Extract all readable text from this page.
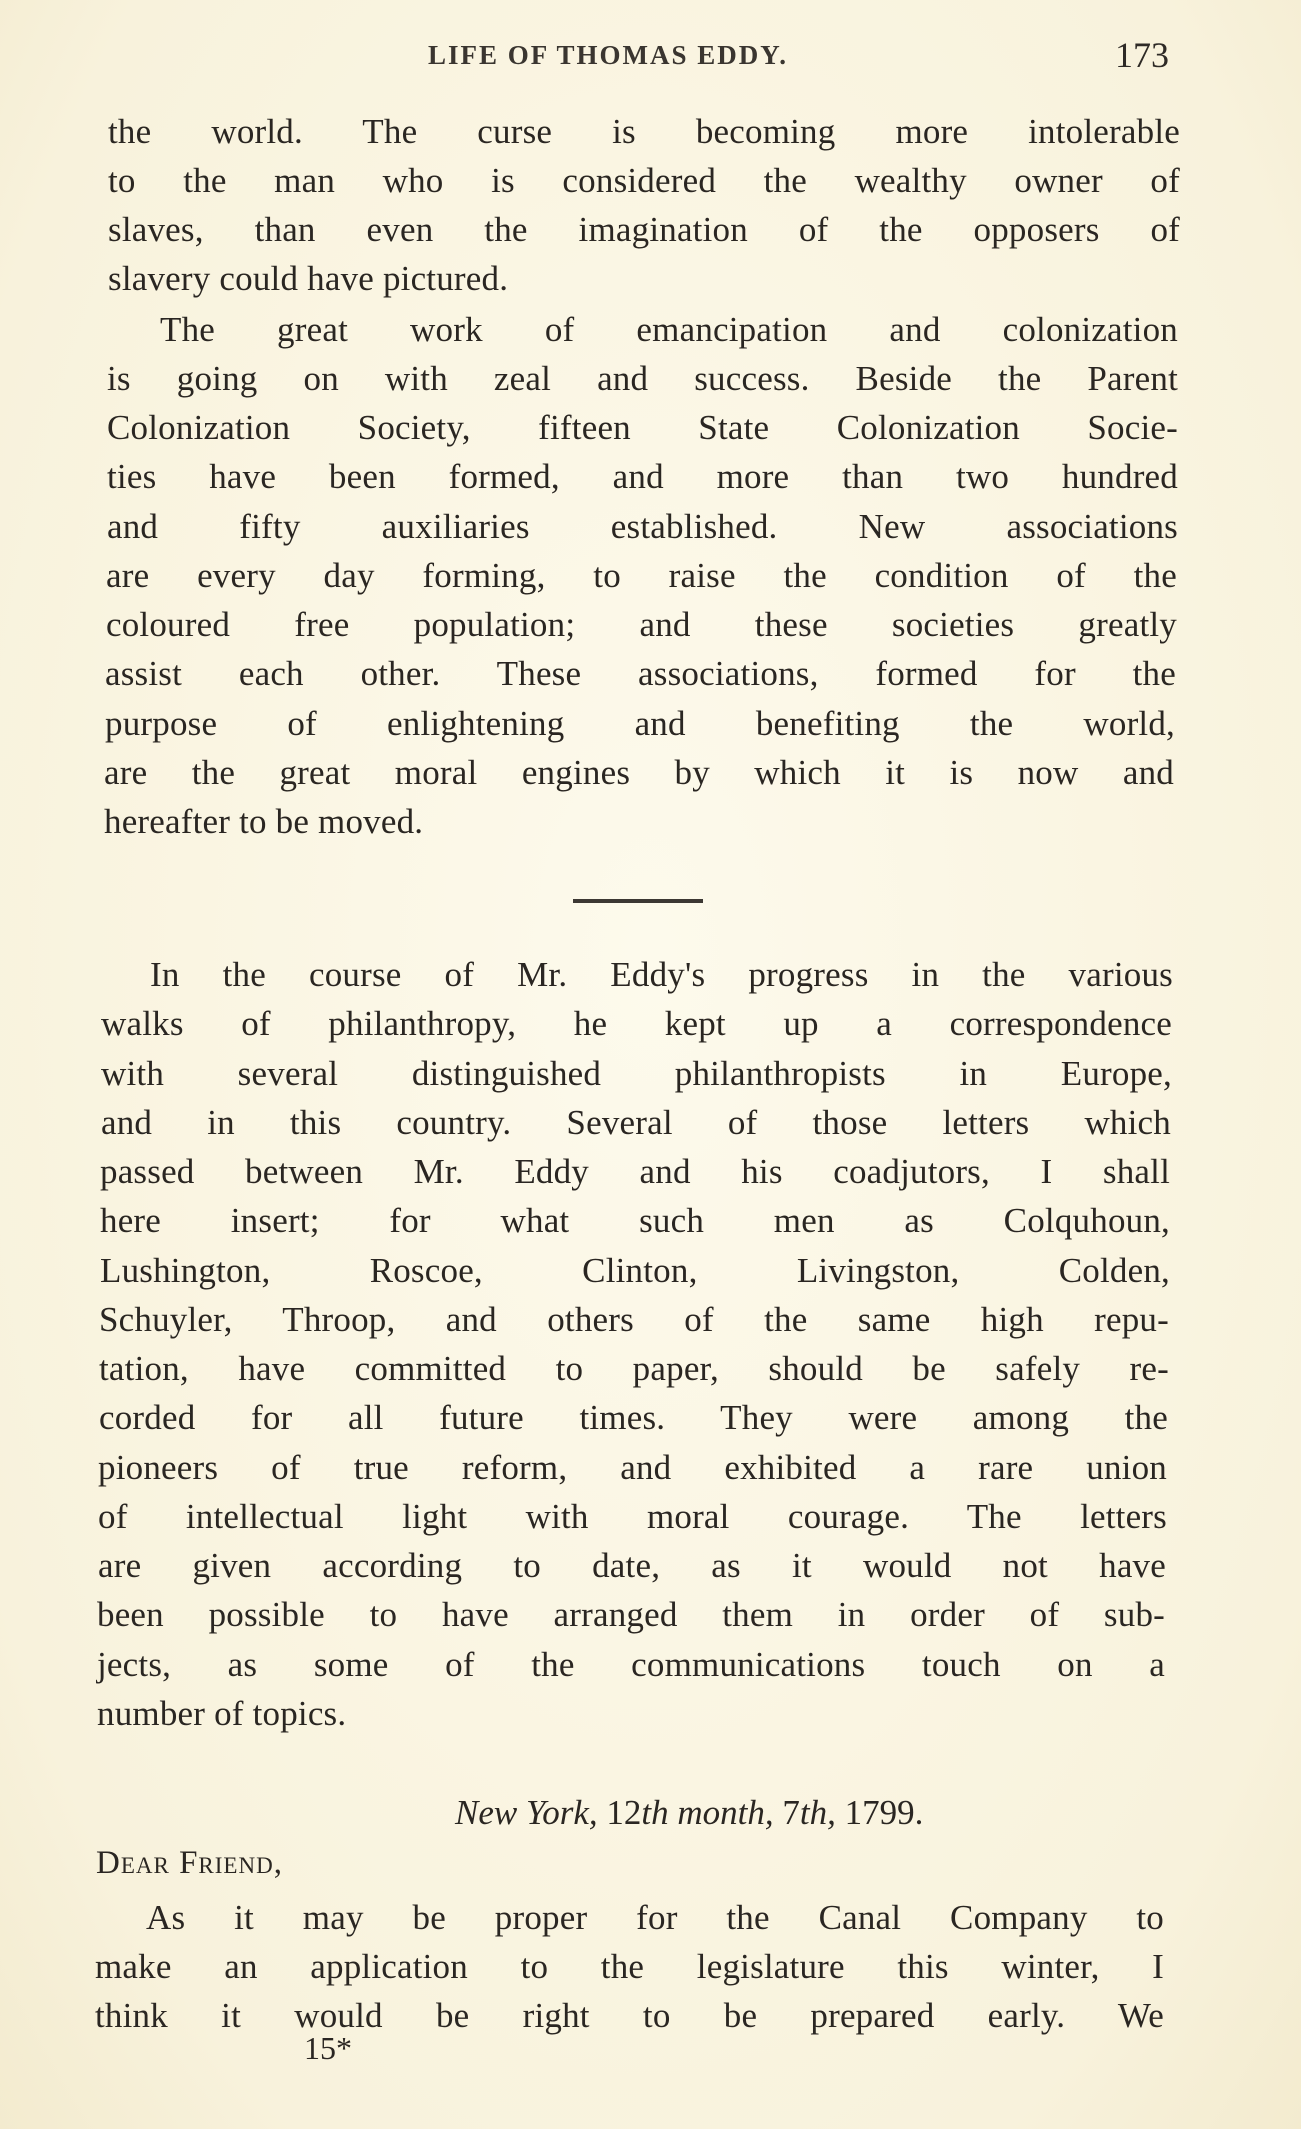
LIFE OF THOMAS EDDY.	173
the world. The curse is becoming more intolerable
to the man who is considered the wealthy owner of
slaves, than even the imagination of the opposers of
slavery could have pictured.
The great work of emancipation and colonization
is going on with zeal and success. Beside the Parent
Colonization Society, fifteen State Colonization Socie-
ties have been formed, and more than two hundred
and fifty auxiliaries established. New associations
are every day forming, to raise the condition of the
coloured free population; and these societies greatly
assist each other. These associations, formed for the
purpose of enlightening and benefiting the world,
are the great moral engines by which it is now and
hereafter to be moved.
In the course of Mr. Eddy's progress in the various
walks of philanthropy, he kept up a correspondence
with several distinguished philanthropists in Europe,
and in this country. Several of those letters which
passed between Mr. Eddy and his coadjutors, I shall
here insert; for what such men as Colquhoun,
Lushington, Roscoe, Clinton, Livingston, Colden,
Schuyler, Throop, and others of the same high repu-
tation, have committed to paper, should be safely re-
corded for all future times. They were among the
pioneers of true reform, and exhibited a rare union
of intellectual light with moral courage. The letters
are given according to date, as it would not have
been possible to have arranged them in order of sub-
jects, as some of the communications touch on a
number of topics.
New York, 12th month, 7th, 1799.
Dear Friend,
As it may be proper for the Canal Company to
make an application to the legislature this winter, I
think it would be right to be prepared early. We
15*
